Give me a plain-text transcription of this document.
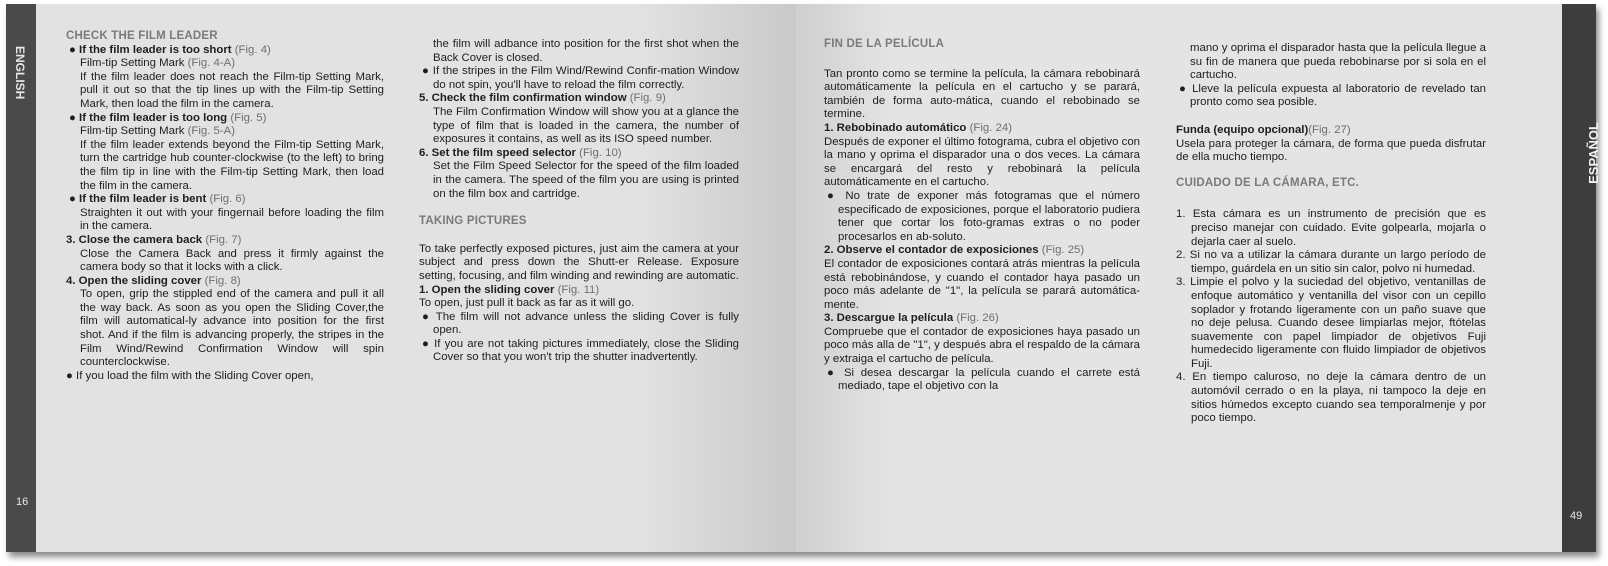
ENGLISH
16

CHECK THE FILM LEADER

● If the film leader is too short (Fig. 4)

Film-tip Setting Mark (Fig. 4-A)

If the film leader does not reach the Film-tip Setting Mark, pull it out so that the tip lines up with the Film-tip Setting Mark, then load the film in the camera.

● If the film leader is too long (Fig. 5)

Film-tip Setting Mark (Fig. 5-A)

If the film leader extends beyond the Film-tip Setting Mark, turn the cartridge hub counter-clockwise (to the left) to bring the film tip in line with the Film-tip Setting Mark, then load the film in the camera.

● If the film leader is bent (Fig. 6)

Straighten it out with your fingernail before loading the film in the camera.

3. Close the camera back (Fig. 7)

Close the Camera Back and press it firmly against the camera body so that it locks with a click.

4. Open the sliding cover (Fig. 8)

To open, grip the stippled end of the camera and pull it all the way back. As soon as you open the Sliding Cover,the film will automatical-ly advance into position for the first shot. And if the film is advancing properly, the stripes in the Film Wind/Rewind Confirmation Window will spin counterclockwise.

● If you load the film with the Sliding Cover open,

the film will adbance into position for the first shot when the Back Cover is closed.

● If the stripes in the Film Wind/Rewind Confir-mation Window do not spin, you'll have to reload the film correctly.

5. Check the film confirmation window (Fig. 9)

The Film Confirmation Window will show you at a glance the type of film that is loaded in the camera, the number of exposures it contains, as well as its ISO speed number.

6. Set the film speed selector (Fig. 10)

Set the Film Speed Selector for the speed of the film loaded in the camera. The speed of the film you are using is printed on the film box and cartridge.

TAKING PICTURES

To take perfectly exposed pictures, just aim the camera at your subject and press down the Shutt-er Release. Exposure setting, focusing, and film winding and rewinding are automatic.

1. Open the sliding cover (Fig. 11)

To open, just pull it back as far as it will go.

● The film will not advance unless the sliding Cover is fully open.

● If you are not taking pictures immediately, close the Sliding Cover so that you won't trip the shutter inadvertently.

ESPAÑOL
49

FIN DE LA PELÍCULA

Tan pronto como se termine la película, la cámara rebobinará automáticamente la película en el cartucho y se parará, también de forma auto-mática, cuando el rebobinado se termine.

1. Rebobinado automático (Fig. 24)

Después de exponer el último fotograma, cubra el objetivo con la mano y oprima el disparador una o dos veces. La cámara se encargará del resto y rebobinará la película automáticamente en el cartucho.

● No trate de exponer más fotogramas que el número especificado de exposiciones, porque el laboratorio pudiera tener que cortar los foto-gramas extras o no poder procesarlos en ab-soluto.

2. Observe el contador de exposiciones (Fig. 25)

El contador de exposiciones contará atrás mientras la película está rebobinándose, y cuando el contador haya pasado un poco más adelante de "1", la película se parará automática-mente.

3. Descargue la película (Fig. 26)

Compruebe que el contador de exposiciones haya pasado un poco más alla de "1", y después abra el respaldo de la cámara y extraiga el cartucho de película.

● Si desea descargar la película cuando el carrete está mediado, tape el objetivo con la

mano y oprima el disparador hasta que la película llegue a su fin de manera que pueda rebobinarse por si sola en el cartucho.

● Lleve la película expuesta al laboratorio de revelado tan pronto como sea posible.

Funda (equipo opcional)(Fig. 27)

Usela para proteger la cámara, de forma que pueda disfrutar de ella mucho tiempo.

CUIDADO DE LA CÁMARA, ETC.

1. Esta cámara es un instrumento de precisión que es preciso manejar con cuidado. Evite golpearla, mojarla o dejarla caer al suelo.

2. Si no va a utilizar la cámara durante un largo período de tiempo, guárdela en un sitio sin calor, polvo ni humedad.

3. Limpie el polvo y la suciedad del objetivo, ventanillas de enfoque automático y ventanilla del visor con un cepillo soplador y frotando ligeramente con un paño suave que no deje pelusa. Cuando desee limpiarlas mejor, ftótelas suavemente con papel limpiador de objetivos Fuji humedecido ligeramente con fluido limpiador de objetivos Fuji.

4. En tiempo caluroso, no deje la cámara dentro de un automóvil cerrado o en la playa, ni tampoco la deje en sitios húmedos excepto cuando sea temporalmenje y por poco tiempo.
